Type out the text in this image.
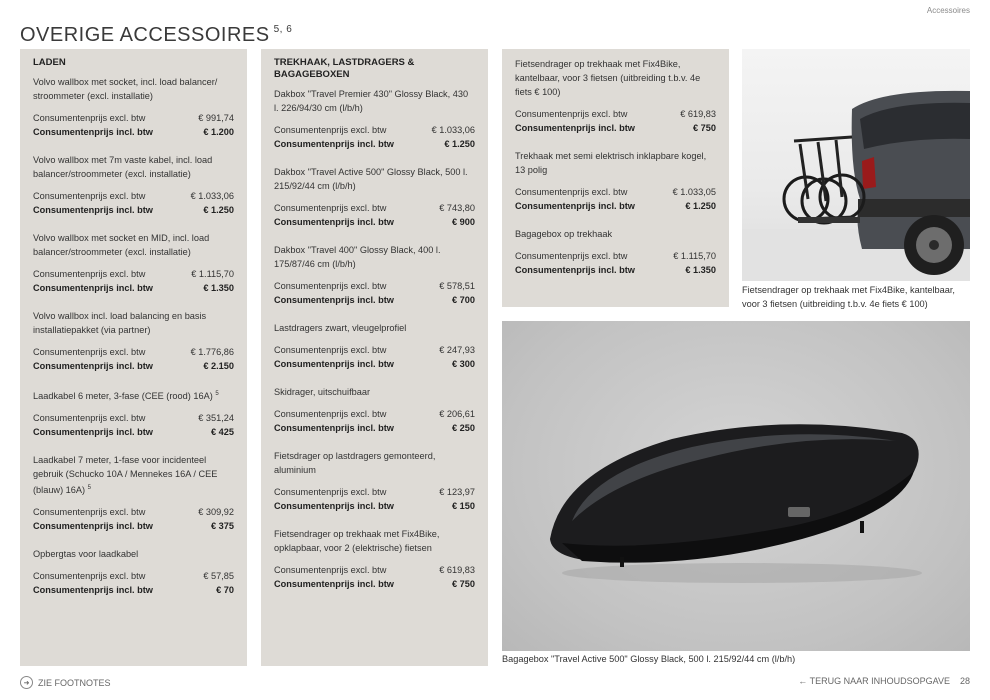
Accessoires
OVERIGE ACCESSOIRES $^{5, 6}$
LADEN
Volvo wallbox met socket, incl. load balancer/ stroommeter (excl. installatie)
Consumentenprijs excl. btw	€ 991,74
Consumentenprijs incl. btw	€ 1.200
Volvo wallbox met 7m vaste kabel, incl. load balancer/stroommeter (excl. installatie)
Consumentenprijs excl. btw	€ 1.033,06
Consumentenprijs incl. btw	€ 1.250
Volvo wallbox met socket en MID, incl. load balancer/stroommeter (excl. installatie)
Consumentenprijs excl. btw	€ 1.115,70
Consumentenprijs incl. btw	€ 1.350
Volvo wallbox incl. load balancing en basis installatiepakket (via partner)
Consumentenprijs excl. btw	€ 1.776,86
Consumentenprijs incl. btw	€ 2.150
Laadkabel 6 meter, 3-fase (CEE (rood) 16A) $^5$
Consumentenprijs excl. btw	€ 351,24
Consumentenprijs incl. btw	€ 425
Laadkabel 7 meter, 1-fase voor incidenteel gebruik (Schucko 10A / Mennekes 16A / CEE (blauw) 16A) $^5$
Consumentenprijs excl. btw	€ 309,92
Consumentenprijs incl. btw	€ 375
Opbergtas voor laadkabel
Consumentenprijs excl. btw	€ 57,85
Consumentenprijs incl. btw	€ 70
TREKHAAK, LASTDRAGERS & BAGAGEBOXEN
Dakbox "Travel Premier 430" Glossy Black, 430 l. 226/94/30 cm (l/b/h)
Consumentenprijs excl. btw	€ 1.033,06
Consumentenprijs incl. btw	€ 1.250
Dakbox "Travel Active 500" Glossy Black, 500 l. 215/92/44 cm (l/b/h)
Consumentenprijs excl. btw	€ 743,80
Consumentenprijs incl. btw	€ 900
Dakbox "Travel 400" Glossy Black, 400 l. 175/87/46 cm (l/b/h)
Consumentenprijs excl. btw	€ 578,51
Consumentenprijs incl. btw	€ 700
Lastdragers zwart, vleugelprofiel
Consumentenprijs excl. btw	€ 247,93
Consumentenprijs incl. btw	€ 300
Skidrager, uitschuifbaar
Consumentenprijs excl. btw	€ 206,61
Consumentenprijs incl. btw	€ 250
Fietsdrager op lastdragers gemonteerd, aluminium
Consumentenprijs excl. btw	€ 123,97
Consumentenprijs incl. btw	€ 150
Fietsendrager op trekhaak met Fix4Bike, opklapbaar, voor 2 (elektrische) fietsen
Consumentenprijs excl. btw	€ 619,83
Consumentenprijs incl. btw	€ 750
Fietsendrager op trekhaak met Fix4Bike, kantelbaar, voor 3 fietsen (uitbreiding t.b.v. 4e fiets € 100)
Consumentenprijs excl. btw	€ 619,83
Consumentenprijs incl. btw	€ 750
Trekhaak met semi elektrisch inklapbare kogel, 13 polig
Consumentenprijs excl. btw	€ 1.033,05
Consumentenprijs incl. btw	€ 1.250
Bagagebox op trekhaak
Consumentenprijs excl. btw	€ 1.115,70
Consumentenprijs incl. btw	€ 1.350
Fietsendrager op trekhaak met Fix4Bike, kantelbaar, voor 3 fietsen (uitbreiding t.b.v. 4e fiets € 100)
Bagagebox "Travel Active 500" Glossy Black, 500 l. 215/92/44 cm (l/b/h)
➜ ZIE FOOTNOTES	← TERUG NAAR INHOUDSOPGAVE 28
